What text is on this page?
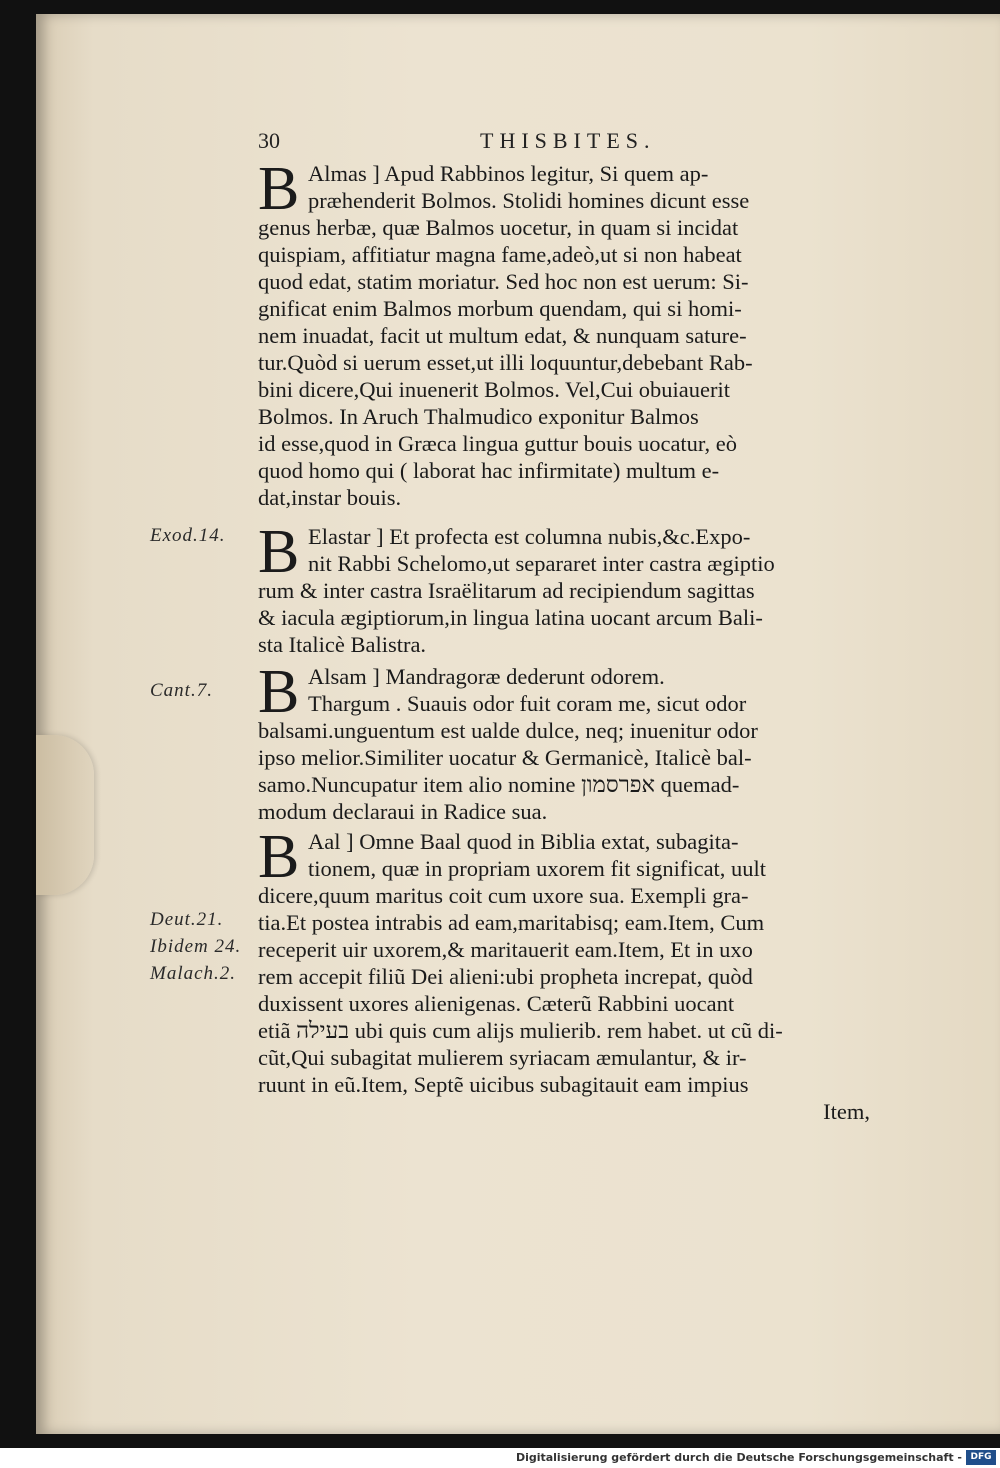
30	THISBITES.
B Almas ] Apud Rabbinos legitur, Si quem ap-
præhenderit Bolmos. Stolidi homines dicunt esse
genus herbæ, quæ Balmos uocetur, in quam si incidat
quispiam, affitiatur magna fame,adeò,ut si non habeat
quod edat, statim moriatur. Sed hoc non est uerum: Si-
gnificat enim Balmos morbum quendam, qui si homi-
nem inuadat, facit ut multum edat, & nunquam sature-
tur.Quòd si uerum esset,ut illi loquuntur,debebant Rab-
bini dicere,Qui inuenerit Bolmos. Vel,Cui obuiauerit
Bolmos. In Aruch Thalmudico exponitur Balmos
id esse,quod in Græca lingua guttur bouis uocatur, eò
quod homo qui ( laborat hac infirmitate) multum e-
dat,instar bouis.
B Elastar ] Et profecta est columna nubis,&c.Expo-
nit Rabbi Schelomo,ut separaret inter castra ægiptio
rum & inter castra Israëlitarum ad recipiendum sagittas
& iacula ægiptiorum,in lingua latina uocant arcum Bali-
sta Italicè Balistra.
B Alsam ] Mandragoræ dederunt odorem.
Thargum . Suauis odor fuit coram me, sicut odor
balsami.unguentum est ualde dulce, neq; inuenitur odor
ipso melior.Similiter uocatur & Germanicè, Italicè bal-
samo.Nuncupatur item alio nomine אפרסמון quemad-
modum declaraui in Radice sua.
B Aal ] Omne Baal quod in Biblia extat, subagita-
tionem, quæ in propriam uxorem fit significat, uult
dicere,quum maritus coit cum uxore sua. Exempli gra-
tia.Et postea intrabis ad eam,maritabisq; eam.Item, Cum
receperit uir uxorem,& maritauerit eam.Item, Et in uxo
rem accepit filiũ Dei alieni:ubi propheta increpat, quòd
duxissent uxores alienigenas. Cæterũ Rabbini uocant
etiã בעילה ubi quis cum alijs mulierib. rem habet. ut cũ di-
cũt,Qui subagitat mulierem syriacam æmulantur, & ir-
ruunt in eũ.Item, Septẽ uicibus subagitauit eam impius
Item,
Exod.14.
Cant.7.
Deut.21.
Ibidem 24.
Malach.2.
Digitalisierung gefördert durch die Deutsche Forschungsgemeinschaft - DFG
